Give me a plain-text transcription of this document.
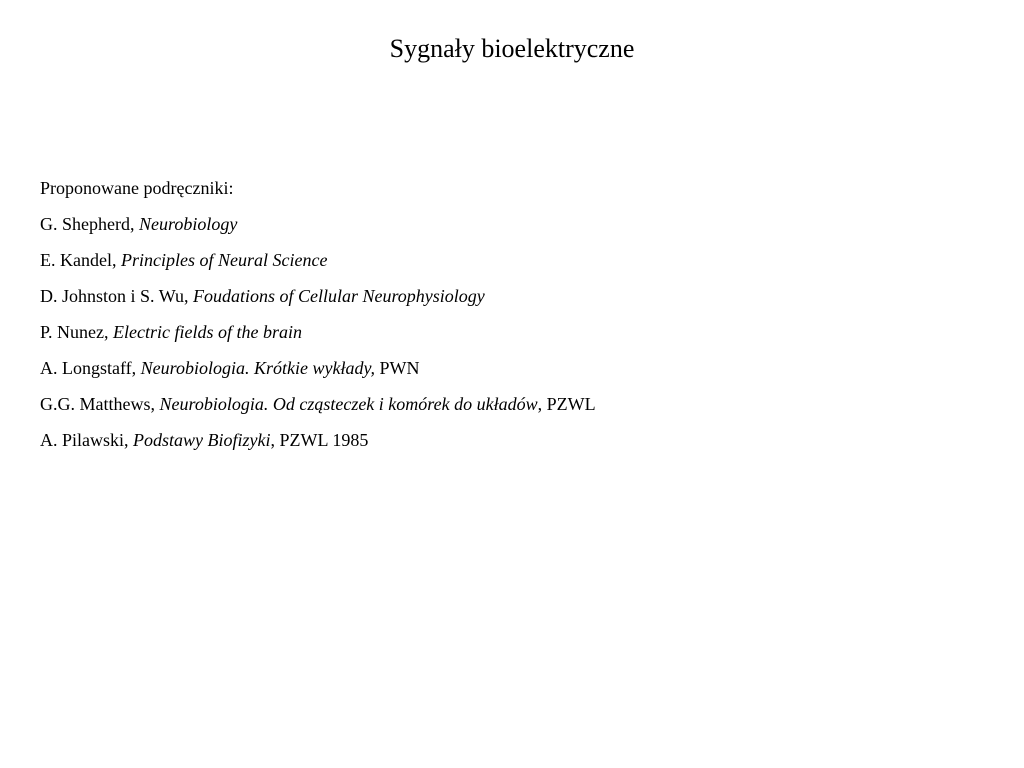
Sygnały bioelektryczne
Proponowane podręczniki:
G. Shepherd, Neurobiology
E. Kandel, Principles of Neural Science
D. Johnston i S. Wu, Foudations of Cellular Neurophysiology
P. Nunez, Electric fields of the brain
A. Longstaff, Neurobiologia. Krótkie wykłady, PWN
G.G. Matthews, Neurobiologia. Od cząsteczek i komórek do układów, PZWL
A. Pilawski, Podstawy Biofizyki, PZWL 1985
